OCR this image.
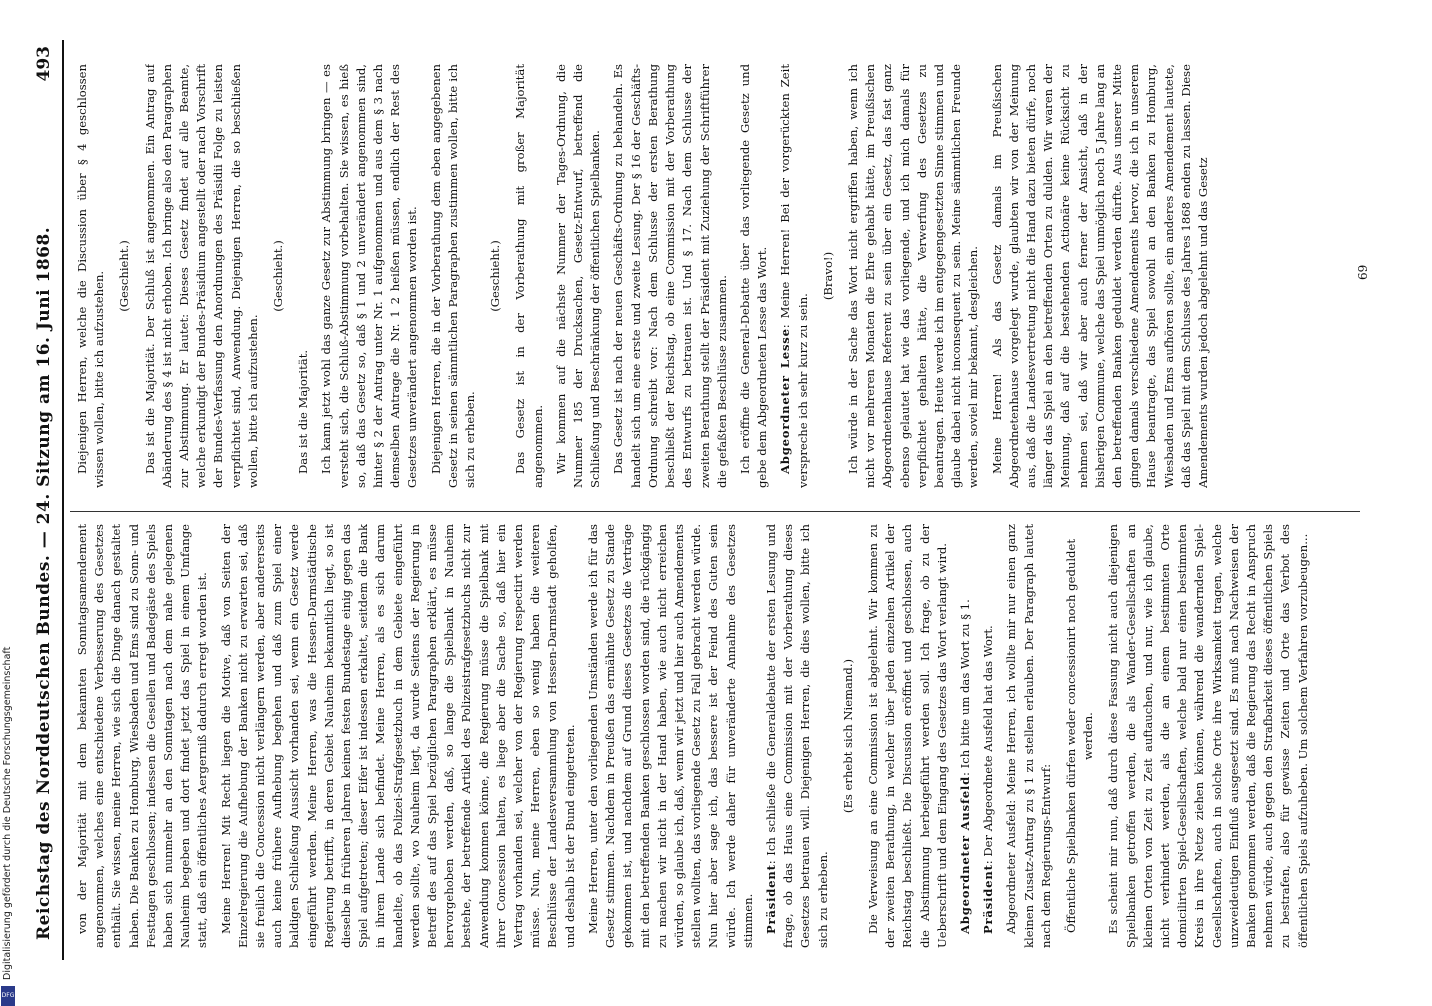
Reichstag des Norddeutschen Bundes. — 24. Sitzung am 16. Juni 1868.
493

von der Majorität mit dem bekannten Sonntagsamendement angenommen, welches eine entschiedene Verbesserung des Gesetzes enthält. Sie wissen, meine Herren, wie sich die Dinge danach gestaltet haben. Die Banken zu Homburg, Wiesbaden und Ems sind zu Sonn- und Festtagen geschlossen; indessen die Gesellen und Badegäste des Spiels haben sich nunmehr an den Sonntagen nach dem nahe gelegenen Nauheim begeben und dort findet jetzt das Spiel in einem Umfange statt, daß ein öffentliches Aergerniß dadurch erregt worden ist. Meine Herren! Mit Recht liegen die Motive, daß von Seiten der Einzelregierung die Aufhebung der Banken nicht zu erwarten sei, daß sie freilich die Concession nicht verlängern werden, aber andererseits auch keine frühere Aufhebung begehen und daß zum Spiel einer baldigen Schließung Aussicht vorhanden sei, wenn ein Gesetz werde eingeführt werden. Meine Herren, was die Hessen-Darmstädtische Regierung betrifft, in deren Gebiet Nauheim bekanntlich liegt, so ist dieselbe in früheren Jahren keinen festen Bundestage einig gegen das Spiel aufgetreten; dieser Eifer ist indessen erkaltet, seitdem die Bank in ihrem Lande sich befindet. Meine Herren, als es sich darum handelte, ob das Polizei-Strafgesetzbuch in dem Gebiete eingeführt werden sollte, wo Nauheim liegt, da wurde Seitens der Regierung in Betreff des auf das Spiel bezüglichen Paragraphen erklärt, es müsse hervorgehoben werden, daß, so lange die Spielbank in Nauheim bestehe, der betreffende Artikel des Polizeistrafgesetzbuchs nicht zur Anwendung kommen könne, die Regierung müsse die Spielbank mit ihrer Concession halten, es liege aber die Sache so, daß hier ein Vertrag vorhanden sei, welcher von der Regierung respectirt werden müsse. Nun, meine Herren, eben so wenig haben die weiteren Beschlüsse der Landesversammlung von Hessen-Darmstadt geholfen, und deshalb ist der Bund eingetreten. Meine Herren, unter den vorliegenden Umständen werde ich für das Gesetz stimmen. Nachdem in Preußen das ermähnte Gesetz zu Stande gekommen ist, und nachdem auf Grund dieses Gesetzes die Verträge mit den betreffenden Banken geschlossen worden sind, die rückgängig zu machen wir nicht in der Hand haben, wie auch nicht erreichen würden, so glaube ich, daß, wenn wir jetzt und hier auch Amendements stellen wollten, das vorliegende Gesetz zu Fall gebracht werden würde. Nun hier aber sage ich, das bessere ist der Feind des Guten sein würde. Ich werde daher für unveränderte Annahme des Gesetzes stimmen. Präsident: Ich schließe die Generaldebatte der ersten Lesung und frage, ob das Haus eine Commission mit der Vorberathung dieses Gesetzes betrauen will. Diejenigen Herren, die dies wollen, bitte ich sich zu erheben.

(Es erhebt sich Niemand.) Die Verweisung an eine Commission ist abgelehnt. Wir kommen zu der zweiten Berathung, in welcher über jeden einzelnen Artikel der Reichstag beschließt. Die Discussion eröffnet und geschlossen, auch die Abstimmung herbeigeführt werden soll. Ich frage, ob zu der Ueberschrift und dem Eingang des Gesetzes das Wort verlangt wird. Abgeordneter Ausfeld: Ich bitte um das Wort zu § 1.

Präsident: Der Abgeordnete Ausfeld hat das Wort. Abgeordneter Ausfeld: Meine Herren, ich wollte mir nur einen ganz kleinen Zusatz-Antrag zu § 1 zu stellen erlauben. Der Paragraph lautet nach dem Regierungs-Entwurf: Öffentliche Spielbanken dürfen weder concessionirt noch geduldet werden. Es scheint mir nun, daß durch diese Fassung nicht auch diejenigen Spielbanken getroffen werden, die als Wander-Gesellschaften an kleinen Orten von Zeit zu Zeit auftauchen, und nur, wie ich glaube, nicht verhindert werden, als die an einem bestimmten Orte domicilirten Spiel-Gesellschaften, welche bald nur einen bestimmten Kreis in ihre Netze ziehen können, während die wandernden Spiel-Gesellschaften, auch in solche Orte ihre Wirksamkeit tragen, welche unzweideutigen Einfluß ausgesetzt sind. Es muß nach Nachweisen der Banken genommen werden, daß die Regierung das Recht in Anspruch nehmen würde, auch gegen den Strafbarkeit dieses öffentlichen Spiels zu bestrafen, also für gewisse Zeiten und Orte das Verbot des öffentlichen Spiels aufzuheben. Um solchem Verfahren vorzubeugen...

Diejenigen Herren, welche die Discussion über § 4 geschlossen wissen wollen, bitte ich aufzustehen. (Geschieht.) Das ist die Majorität. Der Schluß ist angenommen. Ein Antrag auf Abänderung des § 4 ist nicht erhoben. Ich bringe also den Paragraphen zur Abstimmung. Er lautet: Dieses Gesetz findet auf alle Beamte, welche erkundigt der Bundes-Präsidium angestellt oder nach Vorschrift der Bundes-Verfassung den Anordnungen des Präsidii Folge zu leisten verpflichtet sind, Anwendung. Diejenigen Herren, die so beschließen wollen, bitte ich aufzustehen.

(Geschieht.)

Das ist die Majorität. Ich kann jetzt wohl das ganze Gesetz zur Abstimmung bringen — es versteht sich, die Schluß-Abstimmung vorbehalten. Sie wissen, es hieß so, daß das Gesetz so, daß § 1 und 2 unverändert angenommen sind, hinter § 2 der Antrag unter Nr. 1 aufgenommen und aus dem § 3 nach demselben Antrage die Nr. 1 2 heißen müssen, endlich der Rest des Gesetzes unverändert angenommen worden ist. Diejenigen Herren, die in der Vorberathung dem eben angegebenen Gesetz in seinen sämmtlichen Paragraphen zustimmen wollen, bitte ich sich zu erheben.

(Geschieht.) Das Gesetz ist in der Vorberathung mit großer Majorität angenommen. Wir kommen auf die nächste Nummer der Tages-Ordnung, die Nummer 185 der Drucksachen, Gesetz-Entwurf, betreffend die Schließung und Beschränkung der öffentlichen Spielbanken. Das Gesetz ist nach der neuen Geschäfts-Ordnung zu behandeln. Es handelt sich um eine erste und zweite Lesung. Der § 16 der Geschäfts-Ordnung schreibt vor: Nach dem Schlusse der ersten Berathung beschließt der Reichstag, ob eine Commission mit der Vorberathung des Entwurfs zu betrauen ist. Und § 17. Nach dem Schlusse der zweiten Berathung stellt der Präsident mit Zuziehung der Schriftführer die gefaßten Beschlüsse zusammen. Ich eröffne die General-Debatte über das vorliegende Gesetz und gebe dem Abgeordneten Lesse das Wort. Abgeordneter Lesse: Meine Herren! Bei der vorgerückten Zeit verspreche ich sehr kurz zu sein.

(Bravo!) Ich würde in der Sache das Wort nicht ergriffen haben, wenn ich nicht vor mehreren Monaten die Ehre gehabt hätte, im Preußischen Abgeordnetenhause Referent zu sein über ein Gesetz, das fast ganz ebenso gelautet hat wie das vorliegende, und ich mich damals für verpflichtet gehalten hätte, die Verwerfung des Gesetzes zu beantragen. Heute werde ich im entgegengesetzten Sinne stimmen und glaube dabei nicht inconsequent zu sein. Meine sämmtlichen Freunde werden, soviel mir bekannt, desgleichen. Meine Herren! Als das Gesetz damals im Preußischen Abgeordnetenhause vorgelegt wurde, glaubten wir von der Meinung aus, daß die Landesvertretung nicht die Hand dazu bieten dürfe, noch länger das Spiel an den betreffenden Orten zu dulden. Wir waren der Meinung, daß auf die bestehenden Actionäre keine Rücksicht zu nehmen sei, daß wir aber auch ferner der Ansicht, daß in der bisherigen Commune, welche das Spiel unmöglich noch 5 Jahre lang an den betreffenden Banken geduldet werden dürfte. Aus unserer Mitte gingen damals verschiedene Amendements hervor, die ich in unserem Hause beantragte, das Spiel sowohl an den Banken zu Homburg, Wiesbaden und Ems aufhören sollte, ein anderes Amendement lautete, daß das Spiel mit dem Schlusse des Jahres 1868 enden zu lassen. Diese Amendements wurden jedoch abgelehnt und das Gesetz	69
Digitalisierung gefördert durch die Deutsche Forschungsgemeinschaft
DFG
